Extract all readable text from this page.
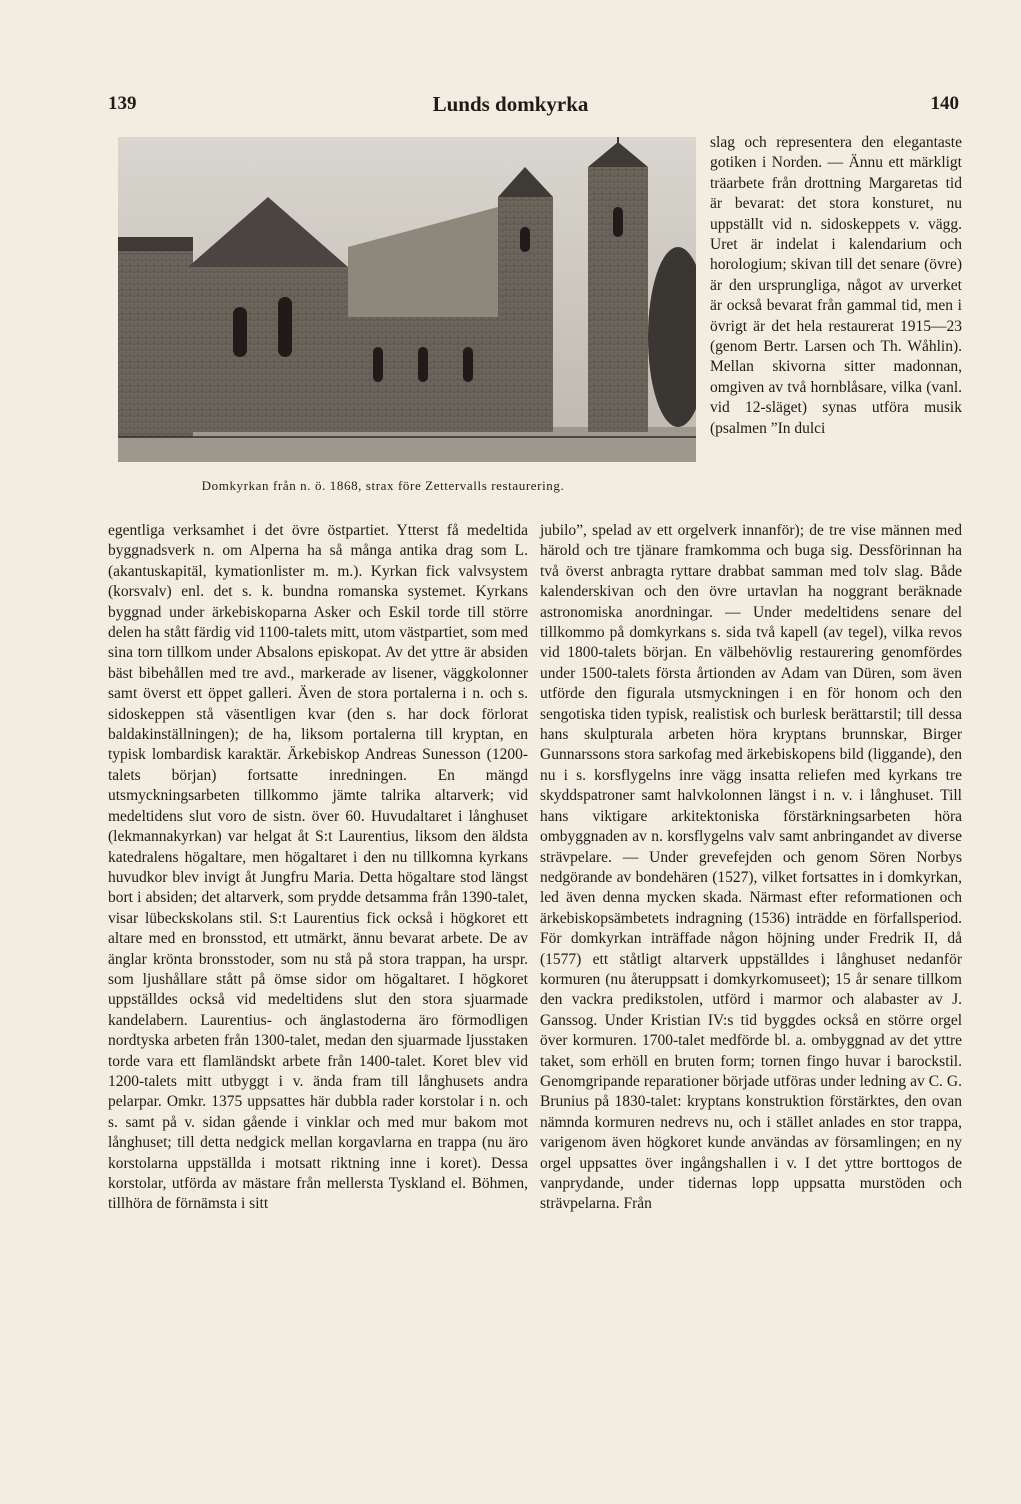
139	Lunds domkyrka	140

Domkyrkan från n. ö. 1868, strax före Zettervalls restaurering.

slag och representera den elegantaste gotiken i Norden. — Ännu ett märkligt träarbete från drottning Margaretas tid är bevarat: det stora konsturet, nu uppställt vid n. sidoskeppets v. vägg. Uret är indelat i kalendarium och horologium; skivan till det senare (övre) är den ursprungliga, något av urverket är också bevarat från gammal tid, men i övrigt är det hela restaurerat 1915—23 (genom Bertr. Larsen och Th. Wåhlin). Mellan skivorna sitter madonnan, omgiven av två hornblåsare, vilka (vanl. vid 12-släget) synas utföra musik (psalmen ”In dulci

egentliga verksamhet i det övre östpartiet. Ytterst få medeltida byggnadsverk n. om Alperna ha så många antika drag som L. (akantuskapitäl, kymationlister m. m.). Kyrkan fick valvsystem (korsvalv) enl. det s. k. bundna romanska systemet. Kyrkans byggnad under ärkebiskoparna Asker och Eskil torde till större delen ha stått färdig vid 1100-talets mitt, utom västpartiet, som med sina torn tillkom under Absalons episkopat. Av det yttre är absiden bäst bibehållen med tre avd., markerade av lisener, väggkolonner samt överst ett öppet galleri. Även de stora portalerna i n. och s. sidoskeppen stå väsentligen kvar (den s. har dock förlorat baldakinställningen); de ha, liksom portalerna till kryptan, en typisk lombardisk karaktär. Ärkebiskop Andreas Sunesson (1200-talets början) fortsatte inredningen. En mängd utsmyckningsarbeten tillkommo jämte talrika altarverk; vid medeltidens slut voro de sistn. över 60. Huvudaltaret i långhuset (lekmannakyrkan) var helgat åt S:t Laurentius, liksom den äldsta katedralens högaltare, men högaltaret i den nu tillkomna kyrkans huvudkor blev invigt åt Jungfru Maria. Detta högaltare stod längst bort i absiden; det altarverk, som prydde detsamma från 1390-talet, visar lübeckskolans stil. S:t Laurentius fick också i högkoret ett altare med en bronsstod, ett utmärkt, ännu bevarat arbete. De av änglar krönta bronsstoder, som nu stå på stora trappan, ha urspr. som ljushållare stått på ömse sidor om högaltaret. I högkoret uppställdes också vid medeltidens slut den stora sjuarmade kandelabern. Laurentius- och änglastoderna äro förmodligen nordtyska arbeten från 1300-talet, medan den sjuarmade ljusstaken torde vara ett flamländskt arbete från 1400-talet. Koret blev vid 1200-talets mitt utbyggt i v. ända fram till långhusets andra pelarpar. Omkr. 1375 uppsattes här dubbla rader korstolar i n. och s. samt på v. sidan gående i vinklar och med mur bakom mot långhuset; till detta nedgick mellan korgavlarna en trappa (nu äro korstolarna uppställda i motsatt riktning inne i koret). Dessa korstolar, utförda av mästare från mellersta Tyskland el. Böhmen, tillhöra de förnämsta i sitt

jubilo”, spelad av ett orgelverk innanför); de tre vise männen med härold och tre tjänare framkomma och buga sig. Dessförinnan ha två överst anbragta ryttare drabbat samman med tolv slag. Både kalenderskivan och den övre urtavlan ha noggrant beräknade astronomiska anordningar. — Under medeltidens senare del tillkommo på domkyrkans s. sida två kapell (av tegel), vilka revos vid 1800-talets början. En välbehövlig restaurering genomfördes under 1500-talets första årtionden av Adam van Düren, som även utförde den figurala utsmyckningen i en för honom och den sengotiska tiden typisk, realistisk och burlesk berättarstil; till dessa hans skulpturala arbeten höra kryptans brunnskar, Birger Gunnarssons stora sarkofag med ärkebiskopens bild (liggande), den nu i s. korsflygelns inre vägg insatta reliefen med kyrkans tre skyddspatroner samt halvkolonnen längst i n. v. i långhuset. Till hans viktigare arkitektoniska förstärkningsarbeten höra ombyggnaden av n. korsflygelns valv samt anbringandet av diverse strävpelare. — Under grevefejden och genom Sören Norbys nedgörande av bondehären (1527), vilket fortsattes in i domkyrkan, led även denna mycken skada. Närmast efter reformationen och ärkebiskopsämbetets indragning (1536) inträdde en förfallsperiod. För domkyrkan inträffade någon höjning under Fredrik II, då (1577) ett ståtligt altarverk uppställdes i långhuset nedanför kormuren (nu återuppsatt i domkyrkomuseet); 15 år senare tillkom den vackra predikstolen, utförd i marmor och alabaster av J. Ganssog. Under Kristian IV:s tid byggdes också en större orgel över kormuren. 1700-talet medförde bl. a. ombyggnad av det yttre taket, som erhöll en bruten form; tornen fingo huvar i barockstil. Genomgripande reparationer började utföras under ledning av C. G. Brunius på 1830-talet: kryptans konstruktion förstärktes, den ovan nämnda kormuren nedrevs nu, och i stället anlades en stor trappa, varigenom även högkoret kunde användas av församlingen; en ny orgel uppsattes över ingångshallen i v. I det yttre borttogos de vanprydande, under tidernas lopp uppsatta murstöden och strävpelarna. Från
